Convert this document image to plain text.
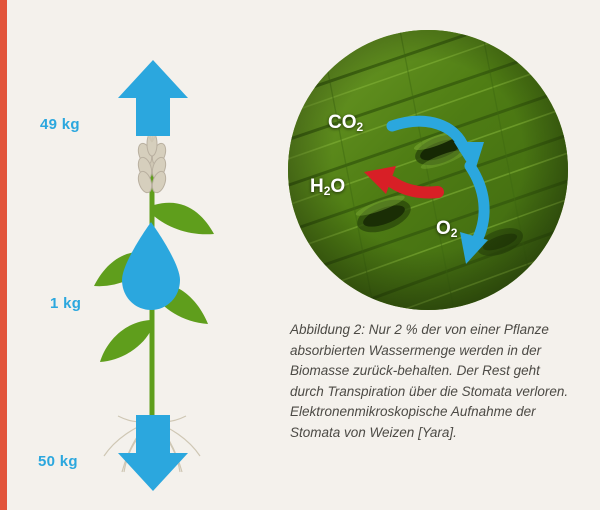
49 kg
1 kg
50 kg
$CO_2$
$H_2O$
$O_2$
Abbildung 2: Nur 2 % der von einer Pflanze absorbierten Wassermenge werden in der Biomasse zurück-behalten. Der Rest geht durch Transpiration über die Stomata verloren. Elektronenmikroskopische Aufnahme der Stomata von Weizen [Yara].
